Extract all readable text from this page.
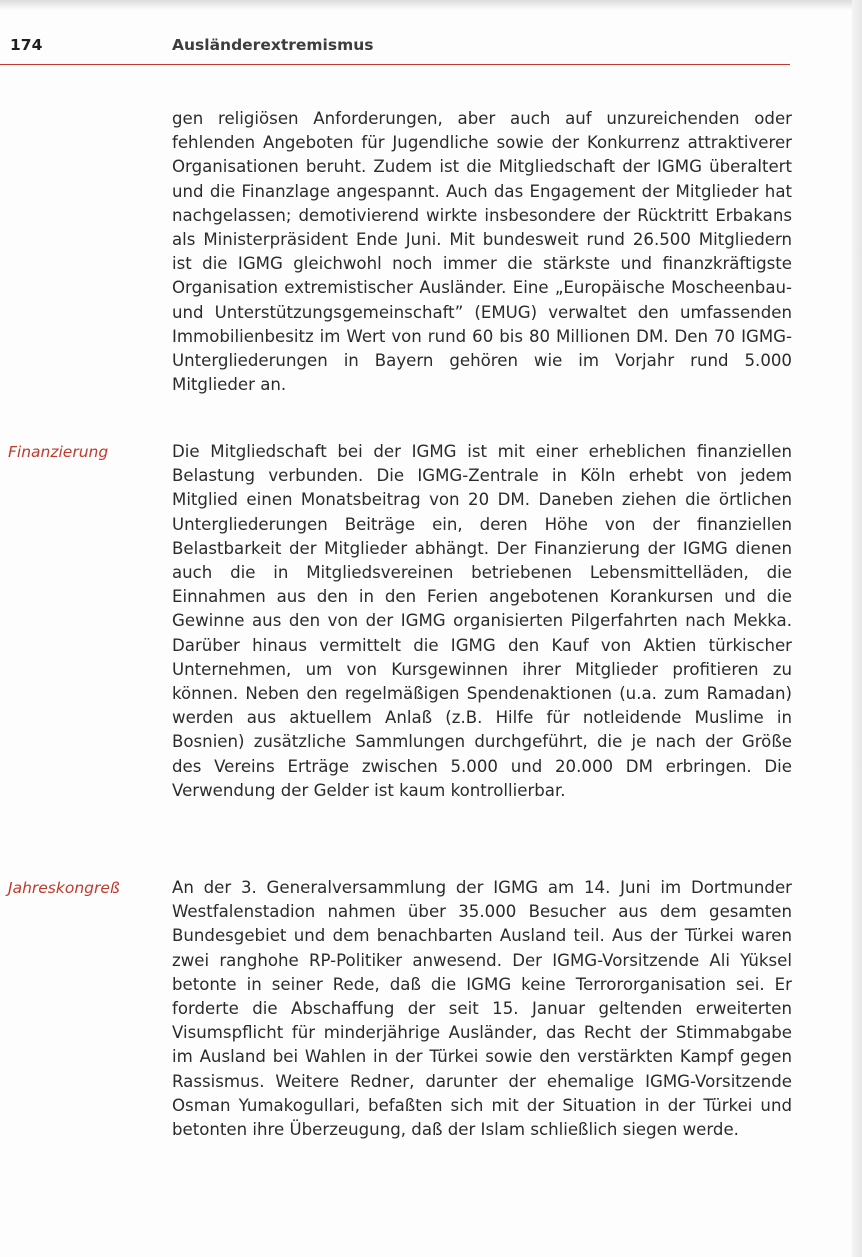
174	Ausländerextremismus

gen religiösen Anforderungen, aber auch auf unzureichenden oder fehlenden Angeboten für Jugendliche sowie der Konkurrenz attraktiverer Organisationen beruht. Zudem ist die Mitgliedschaft der IGMG überaltert und die Finanzlage angespannt. Auch das Engagement der Mitglieder hat nachgelassen; demotivierend wirkte insbesondere der Rücktritt Erbakans als Ministerpräsident Ende Juni. Mit bundesweit rund 26.500 Mitgliedern ist die IGMG gleichwohl noch immer die stärkste und finanzkräftigste Organisation extremistischer Ausländer. Eine „Europäische Moscheenbau- und Unterstützungsgemeinschaft” (EMUG) verwaltet den umfassenden Immobilienbesitz im Wert von rund 60 bis 80 Millionen DM. Den 70 IGMG-Untergliederungen in Bayern gehören wie im Vorjahr rund 5.000 Mitglieder an.

Finanzierung	Die Mitgliedschaft bei der IGMG ist mit einer erheblichen finanziellen Belastung verbunden. Die IGMG-Zentrale in Köln erhebt von jedem Mitglied einen Monatsbeitrag von 20 DM. Daneben ziehen die örtlichen Untergliederungen Beiträge ein, deren Höhe von der finanziellen Belastbarkeit der Mitglieder abhängt. Der Finanzierung der IGMG dienen auch die in Mitgliedsvereinen betriebenen Lebensmittelläden, die Einnahmen aus den in den Ferien angebotenen Korankursen und die Gewinne aus den von der IGMG organisierten Pilgerfahrten nach Mekka. Darüber hinaus vermittelt die IGMG den Kauf von Aktien türkischer Unternehmen, um von Kursgewinnen ihrer Mitglieder profitieren zu können. Neben den regelmäßigen Spendenaktionen (u.a. zum Ramadan) werden aus aktuellem Anlaß (z.B. Hilfe für notleidende Muslime in Bosnien) zusätzliche Sammlungen durchgeführt, die je nach der Größe des Vereins Erträge zwischen 5.000 und 20.000 DM erbringen. Die Verwendung der Gelder ist kaum kontrollierbar.

Jahreskongreß	An der 3. Generalversammlung der IGMG am 14. Juni im Dortmunder Westfalenstadion nahmen über 35.000 Besucher aus dem gesamten Bundesgebiet und dem benachbarten Ausland teil. Aus der Türkei waren zwei ranghohe RP-Politiker anwesend. Der IGMG-Vorsitzende Ali Yüksel betonte in seiner Rede, daß die IGMG keine Terrororganisation sei. Er forderte die Abschaffung der seit 15. Januar geltenden erweiterten Visumspflicht für minderjährige Ausländer, das Recht der Stimmabgabe im Ausland bei Wahlen in der Türkei sowie den verstärkten Kampf gegen Rassismus. Weitere Redner, darunter der ehemalige IGMG-Vorsitzende Osman Yumakogullari, befaßten sich mit der Situation in der Türkei und betonten ihre Überzeugung, daß der Islam schließlich siegen werde.
